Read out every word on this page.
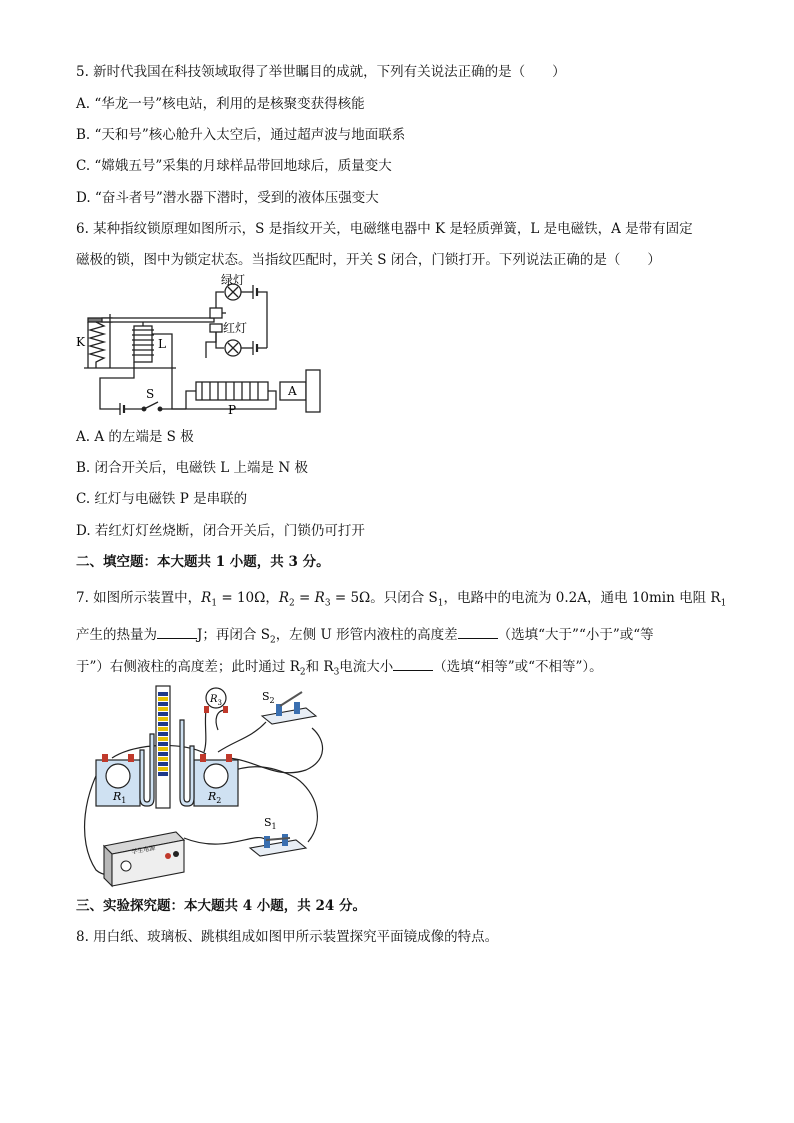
5. 新时代我国在科技领域取得了举世瞩目的成就，下列有关说法正确的是（　　）
A. “华龙一号”核电站，利用的是核聚变获得核能
B. “天和号”核心舱升入太空后，通过超声波与地面联系
C. “嫦娥五号”采集的月球样品带回地球后，质量变大
D. “奋斗者号”潜水器下潜时，受到的液体压强变大
6. 某种指纹锁原理如图所示，S 是指纹开关，电磁继电器中 K 是轻质弹簧，L 是电磁铁，A 是带有固定
磁极的锁，图中为锁定状态。当指纹匹配时，开关 S 闭合，门锁打开。下列说法正确的是（　　）
绿灯
红灯
K	L
S
P
A
A. A 的左端是 S 极
B. 闭合开关后，电磁铁 L 上端是 N 极
C. 红灯与电磁铁 P 是串联的
D. 若红灯灯丝烧断，闭合开关后，门锁仍可打开
二、填空题：本大题共 1 小题，共 3 分。
7. 如图所示装置中，$R_1 = 10\Omega$，$R_2 = R_3 = 5\Omega$。只闭合 $S_1$，电路中的电流为 0.2A，通电 10min 电阻 $R_1$
产生的热量为	J；再闭合 $S_2$，左侧 U 形管内液柱的高度差	（选填“大于”“小于”或“等
于”）右侧液柱的高度差；此时通过 $R_2$和 $R_3$电流大小	（选填“相等”或“不相等”）。
$R_1$	$R_2$
$R_3$	$S_2$
$S_1$
学生电源
三、实验探究题：本大题共 4 小题，共 24 分。
8. 用白纸、玻璃板、跳棋组成如图甲所示装置探究平面镜成像的特点。
